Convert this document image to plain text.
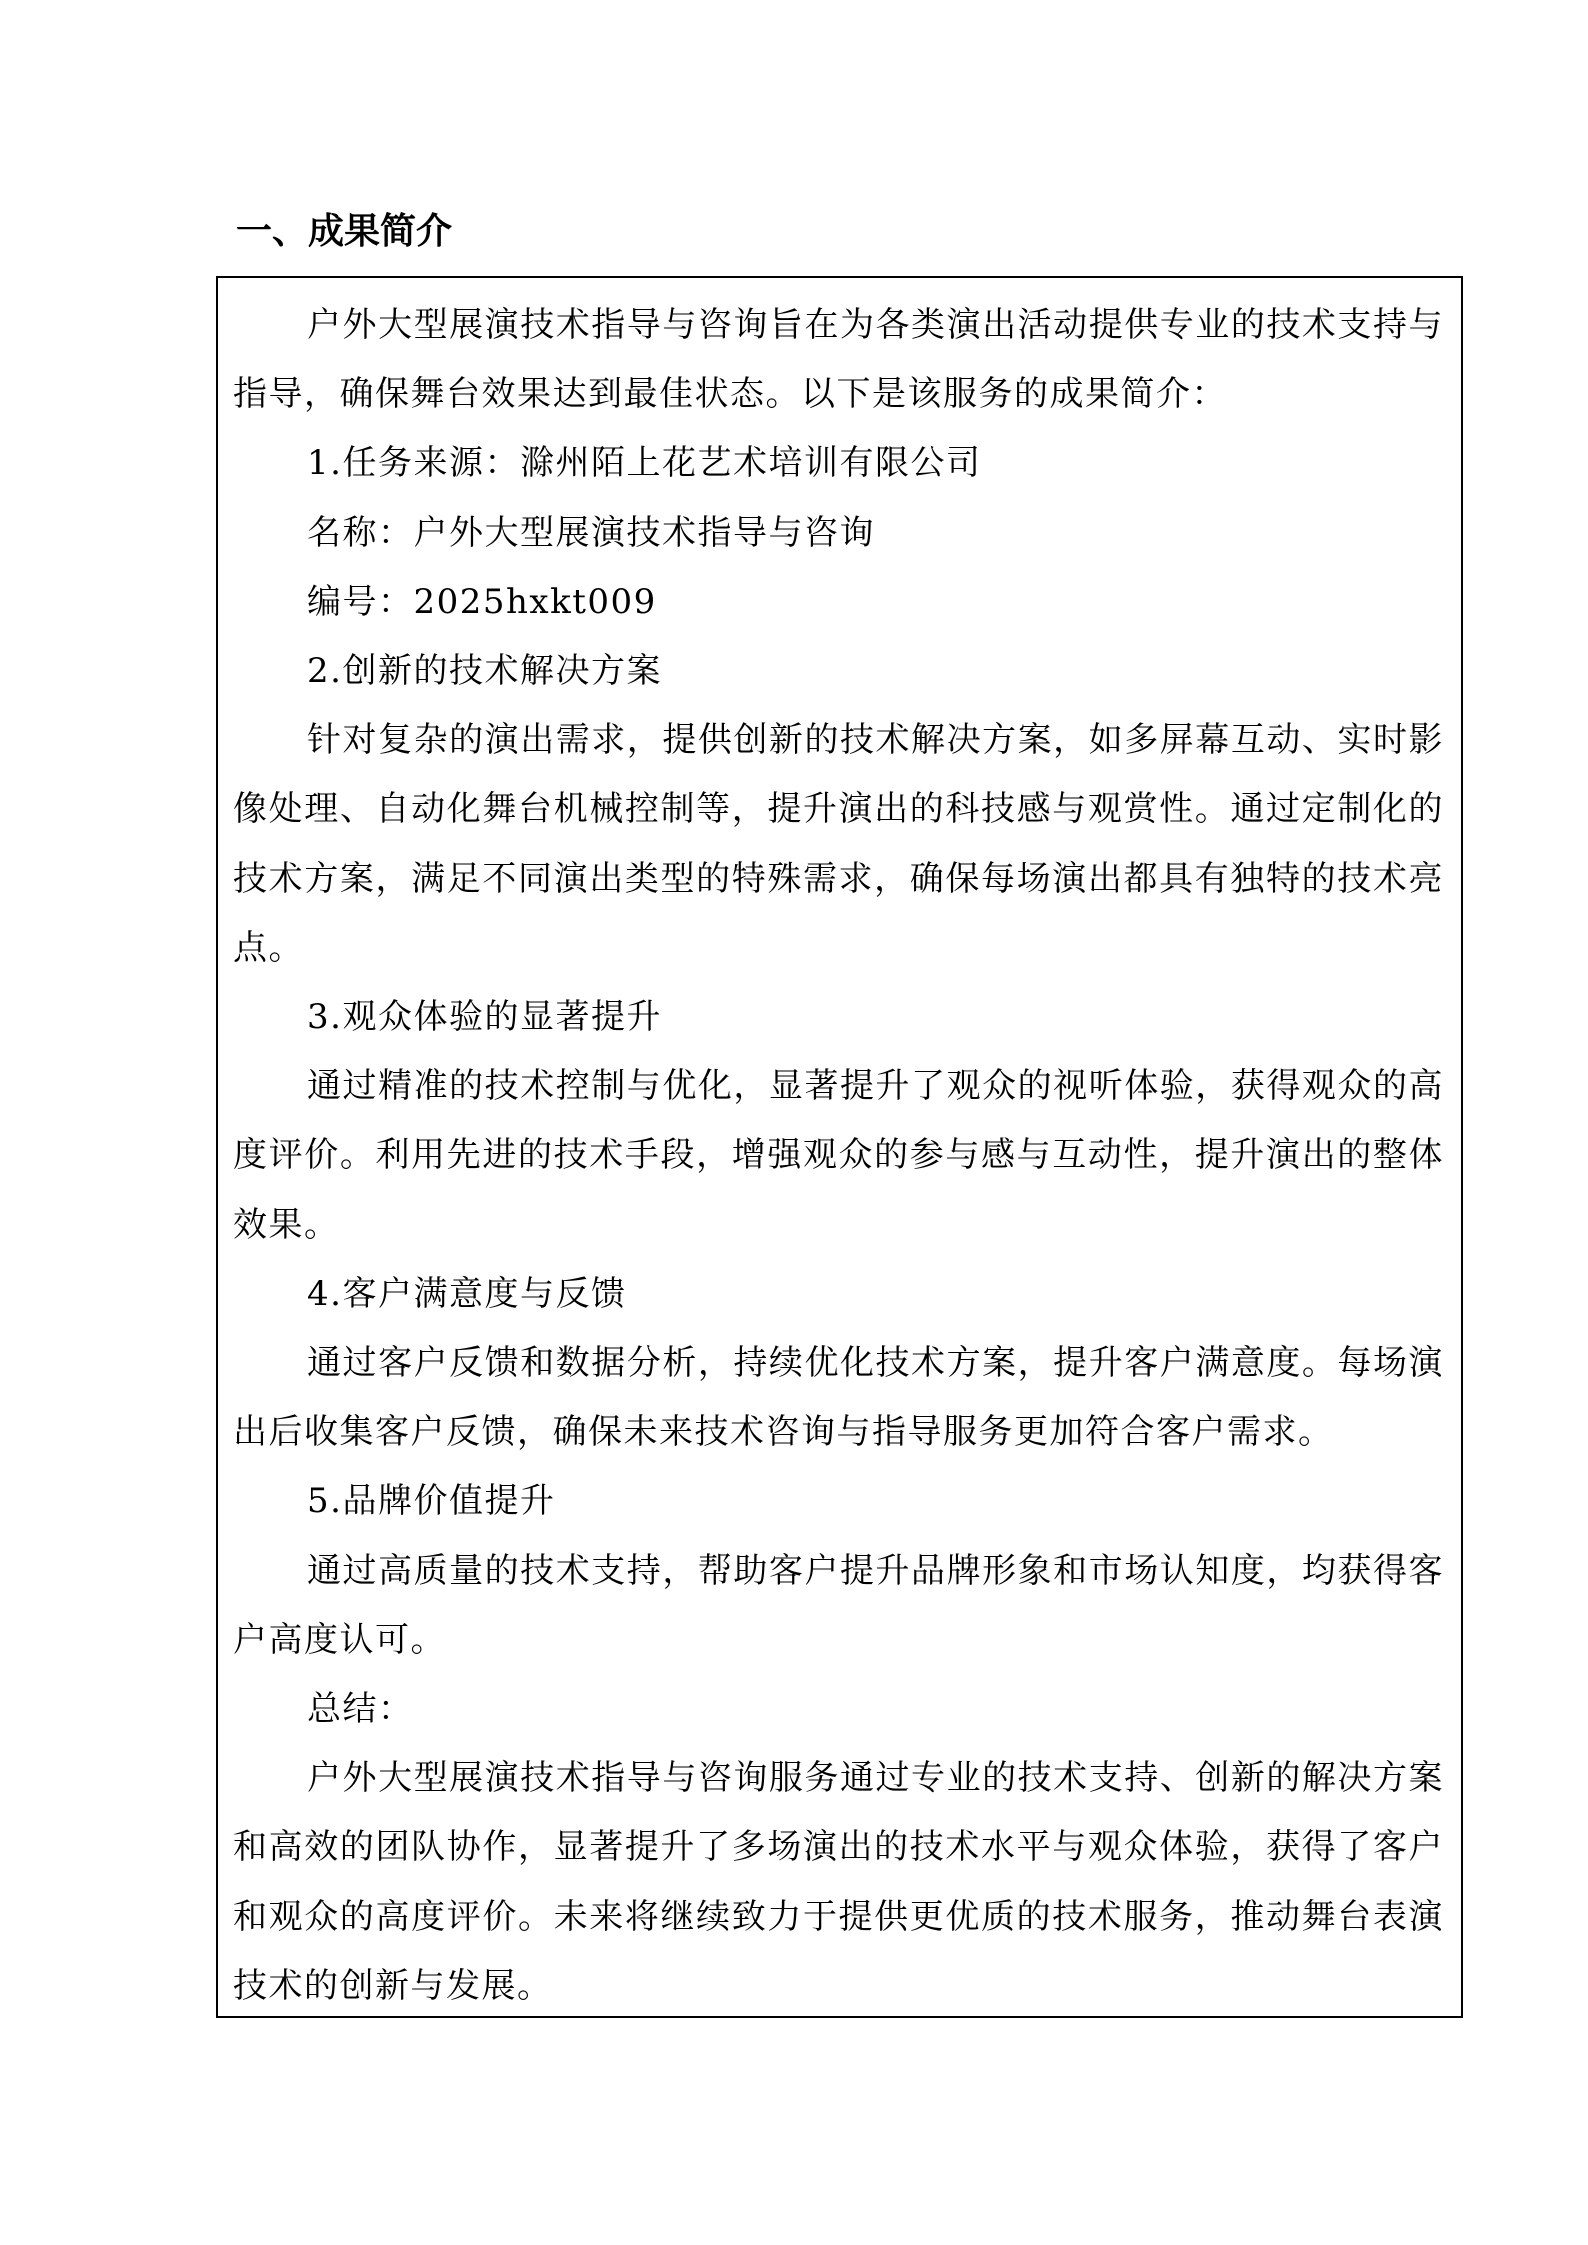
一、成果简介

户外大型展演技术指导与咨询旨在为各类演出活动提供专业的技术支持与指导，确保舞台效果达到最佳状态。以下是该服务的成果简介：

1.任务来源：滁州陌上花艺术培训有限公司

名称：户外大型展演技术指导与咨询

编号：2025hxkt009

2.创新的技术解决方案

针对复杂的演出需求，提供创新的技术解决方案，如多屏幕互动、实时影像处理、自动化舞台机械控制等，提升演出的科技感与观赏性。通过定制化的技术方案，满足不同演出类型的特殊需求，确保每场演出都具有独特的技术亮点。

3.观众体验的显著提升

通过精准的技术控制与优化，显著提升了观众的视听体验，获得观众的高度评价。利用先进的技术手段，增强观众的参与感与互动性，提升演出的整体效果。

4.客户满意度与反馈

通过客户反馈和数据分析，持续优化技术方案，提升客户满意度。每场演出后收集客户反馈，确保未来技术咨询与指导服务更加符合客户需求。

5.品牌价值提升

通过高质量的技术支持，帮助客户提升品牌形象和市场认知度，均获得客户高度认可。

总结：

户外大型展演技术指导与咨询服务通过专业的技术支持、创新的解决方案和高效的团队协作，显著提升了多场演出的技术水平与观众体验，获得了客户和观众的高度评价。未来将继续致力于提供更优质的技术服务，推动舞台表演技术的创新与发展。
